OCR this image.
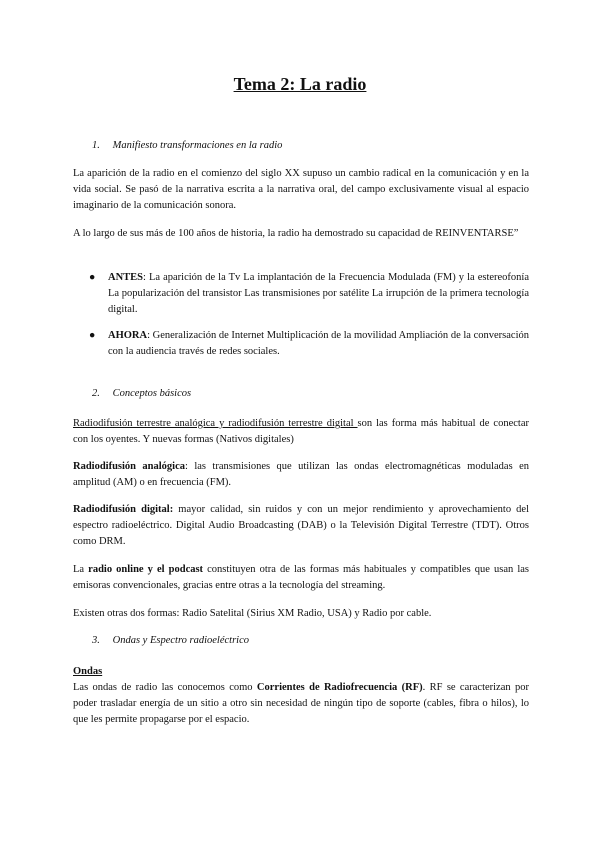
Tema 2: La radio
1. Manifiesto transformaciones en la radio

La aparición de la radio en el comienzo del siglo XX supuso un cambio radical en la comunicación y en la vida social. Se pasó de la narrativa escrita a la narrativa oral, del campo exclusivamente visual al espacio imaginario de la comunicación sonora.

A lo largo de sus más de 100 años de historia, la radio ha demostrado su capacidad de REINVENTARSE”

● ANTES: La aparición de la Tv La implantación de la Frecuencia Modulada (FM) y la estereofonía La popularización del transistor Las transmisiones por satélite La irrupción de la primera tecnología digital.

● AHORA: Generalización de Internet Multiplicación de la movilidad Ampliación de la conversación con la audiencia través de redes sociales.

2. Conceptos básicos

Radiodifusión terrestre analógica y radiodifusión terrestre digital son las forma más habitual de conectar con los oyentes. Y nuevas formas (Nativos digitales)

Radiodifusión analógica: las transmisiones que utilizan las ondas electromagnéticas moduladas en amplitud (AM) o en frecuencia (FM).

Radiodifusión digital: mayor calidad, sin ruidos y con un mejor rendimiento y aprovechamiento del espectro radioeléctrico. Digital Audio Broadcasting (DAB) o la Televisión Digital Terrestre (TDT). Otros como DRM.

La radio online y el podcast constituyen otra de las formas más habituales y compatibles que usan las emisoras convencionales, gracias entre otras a la tecnología del streaming.

Existen otras dos formas: Radio Satelital (Sirius XM Radio, USA) y Radio por cable.

3. Ondas y Espectro radioeléctrico

Ondas

Las ondas de radio las conocemos como Corrientes de Radiofrecuencia (RF). RF se caracterizan por poder trasladar energía de un sitio a otro sin necesidad de ningún tipo de soporte (cables, fibra o hilos), lo que les permite propagarse por el espacio.
